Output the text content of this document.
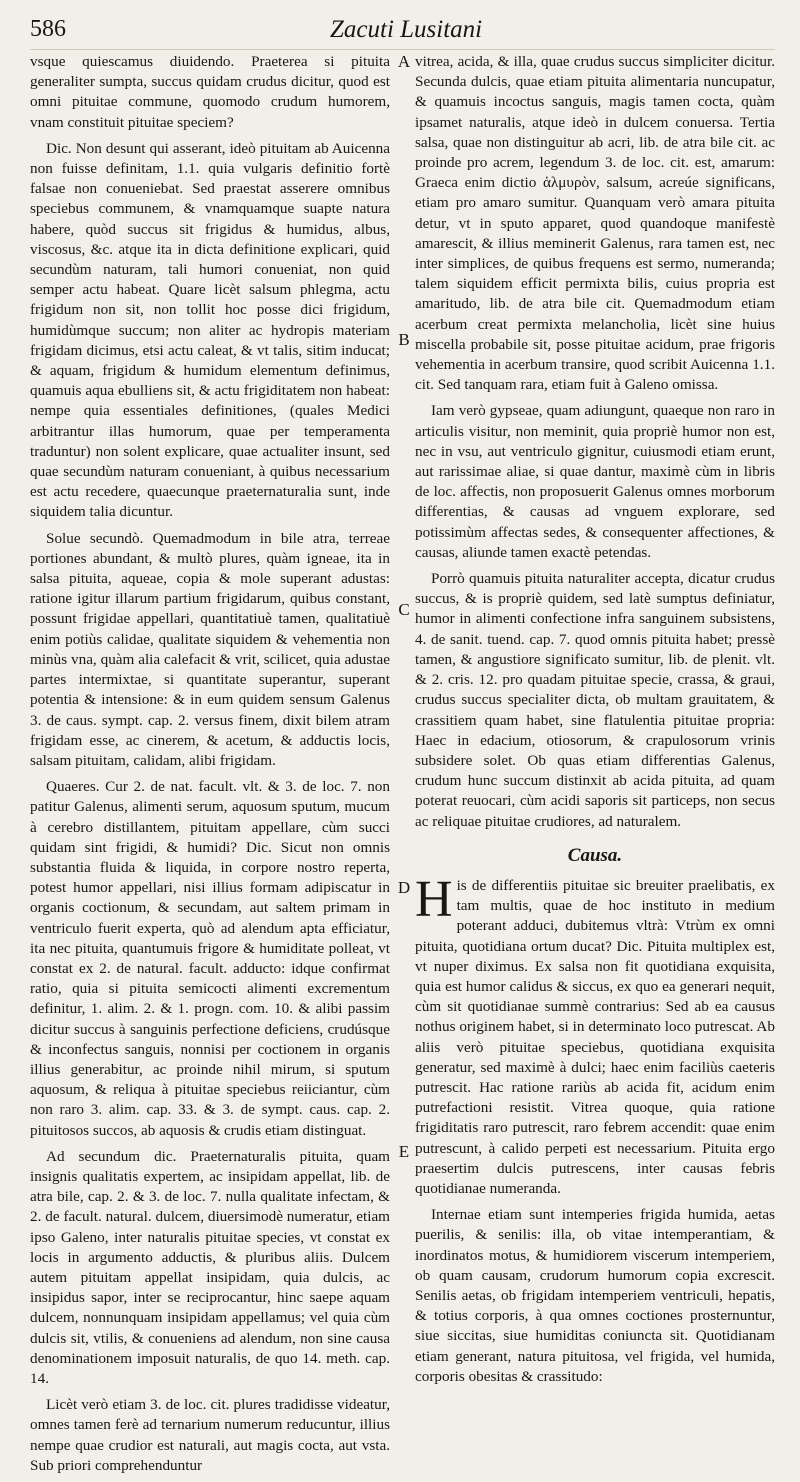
586	Zacuti Lusitani

vsque quiescamus diuidendo. Praeterea si pituita generaliter sumpta, succus quidam crudus dicitur, quod est omni pituitae commune, quomodo crudum humorem, vnam constituit pituitae speciem?

Dic. Non desunt qui asserant, ideò pituitam ab Auicenna non fuisse definitam, 1.1. quia vulgaris definitio fortè falsae non conueniebat. Sed praestat asserere omnibus speciebus communem, & vnamquamque suapte natura habere, quòd succus sit frigidus & humidus, albus, viscosus, &c. atque ita in dicta definitione explicari, quid secundùm naturam, tali humori conueniat, non quid semper actu habeat. Quare licèt salsum phlegma, actu frigidum non sit, non tollit hoc posse dici frigidum, humidùmque succum; non aliter ac hydropis materiam frigidam dicimus, etsi actu caleat, & vt talis, sitim inducat; & aquam, frigidum & humidum elementum definimus, quamuis aqua ebulliens sit, & actu frigiditatem non habeat: nempe quia essentiales definitiones, (quales Medici arbitrantur illas humorum, quae per temperamenta traduntur) non solent explicare, quae actualiter insunt, sed quae secundùm naturam conueniant, à quibus necessarium est actu recedere, quaecunque praeternaturalia sunt, inde siquidem talia dicuntur.

Solue secundò. Quemadmodum in bile atra, terreae portiones abundant, & multò plures, quàm igneae, ita in salsa pituita, aqueae, copia & mole superant adustas: ratione igitur illarum partium frigidarum, quibus constant, possunt frigidae appellari, quantitatiuè tamen, qualitatiuè enim potiùs calidae, qualitate siquidem & vehementia non minùs vna, quàm alia calefacit & vrit, scilicet, quia adustae partes intermixtae, si quantitate superantur, superant potentia & intensione: & in eum quidem sensum Galenus 3. de caus. sympt. cap. 2. versus finem, dixit bilem atram frigidam esse, ac cinerem, & acetum, & adductis locis, salsam pituitam, calidam, alibi frigidam.

Quaeres. Cur 2. de nat. facult. vlt. & 3. de loc. 7. non patitur Galenus, alimenti serum, aquosum sputum, mucum à cerebro distillantem, pituitam appellare, cùm succi quidam sint frigidi, & humidi? Dic. Sicut non omnis substantia fluida & liquida, in corpore nostro reperta, potest humor appellari, nisi illius formam adipiscatur in organis coctionum, & secundam, aut saltem primam in ventriculo fuerit experta, quò ad alendum apta efficiatur, ita nec pituita, quantumuis frigore & humiditate polleat, vt constat ex 2. de natural. facult. adducto: idque confirmat ratio, quia si pituita semicocti alimenti excrementum definitur, 1. alim. 2. & 1. progn. com. 10. & alibi passim dicitur succus à sanguinis perfectione deficiens, crudúsque & inconfectus sanguis, nonnisi per coctionem in organis illius generabitur, ac proinde nihil mirum, si sputum aquosum, & reliqua à pituitae speciebus reiiciantur, cùm non raro 3. alim. cap. 33. & 3. de sympt. caus. cap. 2. pituitosos succos, ab aquosis & crudis etiam distinguat.

Ad secundum dic. Praeternaturalis pituita, quam insignis qualitatis expertem, ac insipidam appellat, lib. de atra bile, cap. 2. & 3. de loc. 7. nulla qualitate infectam, & 2. de facult. natural. dulcem, diuersimodè numeratur, etiam ipso Galeno, inter naturalis pituitae species, vt constat ex locis in argumento adductis, & pluribus aliis. Dulcem autem pituitam appellat insipidam, quia dulcis, ac insipidus sapor, inter se reciprocantur, hinc saepe aquam dulcem, nonnunquam insipidam appellamus; vel quia cùm dulcis sit, vtilis, & conueniens ad alendum, non sine causa denominationem imposuit naturalis, de quo 14. meth. cap. 14.

Licèt verò etiam 3. de loc. cit. plures tradidisse videatur, omnes tamen ferè ad ternarium numerum reducuntur, illius nempe quae crudior est naturali, aut magis cocta, aut vsta. Sub priori comprehenduntur

A
B
C
D
E

vitrea, acida, & illa, quae crudus succus simpliciter dicitur. Secunda dulcis, quae etiam pituita alimentaria nuncupatur, & quamuis incoctus sanguis, magis tamen cocta, quàm ipsamet naturalis, atque ideò in dulcem conuersa. Tertia salsa, quae non distinguitur ab acri, lib. de atra bile cit. ac proinde pro acrem, legendum 3. de loc. cit. est, amarum: Graeca enim dictio ἁλμυρὸν, salsum, acreúe significans, etiam pro amaro sumitur. Quanquam verò amara pituita detur, vt in sputo apparet, quod quandoque manifestè amarescit, & illius meminerit Galenus, rara tamen est, nec inter simplices, de quibus frequens est sermo, numeranda; talem siquidem efficit permixta bilis, cuius propria est amaritudo, lib. de atra bile cit. Quemadmodum etiam acerbum creat permixta melancholia, licèt sine huius miscella probabile sit, posse pituitae acidum, prae frigoris vehementia in acerbum transire, quod scribit Auicenna 1.1. cit. Sed tanquam rara, etiam fuit à Galeno omissa.

Iam verò gypseae, quam adiungunt, quaeque non raro in articulis visitur, non meminit, quia propriè humor non est, nec in vsu, aut ventriculo gignitur, cuiusmodi etiam erunt, aut rarissimae aliae, si quae dantur, maximè cùm in libris de loc. affectis, non proposuerit Galenus omnes morborum differentias, & causas ad vnguem explorare, sed potissimùm affectas sedes, & consequenter affectiones, & causas, aliunde tamen exactè petendas.

Porrò quamuis pituita naturaliter accepta, dicatur crudus succus, & is propriè quidem, sed latè sumptus definiatur, humor in alimenti confectione infra sanguinem subsistens, 4. de sanit. tuend. cap. 7. quod omnis pituita habet; pressè tamen, & angustiore significato sumitur, lib. de plenit. vlt. & 2. cris. 12. pro quadam pituitae specie, crassa, & graui, crudus succus specialiter dicta, ob multam grauitatem, & crassitiem quam habet, sine flatulentia pituitae propria: Haec in edacium, otiosorum, & crapulosorum vrinis subsidere solet. Ob quas etiam differentias Galenus, crudum hunc succum distinxit ab acida pituita, ad quam poterat reuocari, cùm acidi saporis sit particeps, non secus ac reliquae pituitae crudiores, ad naturalem.

Causa.

His de differentiis pituitae sic breuiter praelibatis, ex tam multis, quae de hoc instituto in medium poterant adduci, dubitemus vltrà: Vtrùm ex omni pituita, quotidiana ortum ducat? Dic. Pituita multiplex est, vt nuper diximus. Ex salsa non fit quotidiana exquisita, quia est humor calidus & siccus, ex quo ea generari nequit, cùm sit quotidianae summè contrarius: Sed ab ea causus nothus originem habet, si in determinato loco putrescat. Ab aliis verò pituitae speciebus, quotidiana exquisita generatur, sed maximè à dulci; haec enim faciliùs caeteris putrescit. Hac ratione rariùs ab acida fit, acidum enim putrefactioni resistit. Vitrea quoque, quia ratione frigiditatis raro putrescit, raro febrem accendit: quae enim putrescunt, à calido perpeti est necessarium. Pituita ergo praesertim dulcis putrescens, inter causas febris quotidianae numeranda.

Internae etiam sunt intemperies frigida humida, aetas puerilis, & senilis: illa, ob vitae intemperantiam, & inordinatos motus, & humidiorem viscerum intemperiem, ob quam causam, crudorum humorum copia excrescit. Senilis aetas, ob frigidam intemperiem ventriculi, hepatis, & totius corporis, à qua omnes coctiones prosternuntur, siue siccitas, siue humiditas coniuncta sit. Quotidianam etiam generant, natura pituitosa, vel frigida, vel humida, corporis obesitas & crassitudo:
